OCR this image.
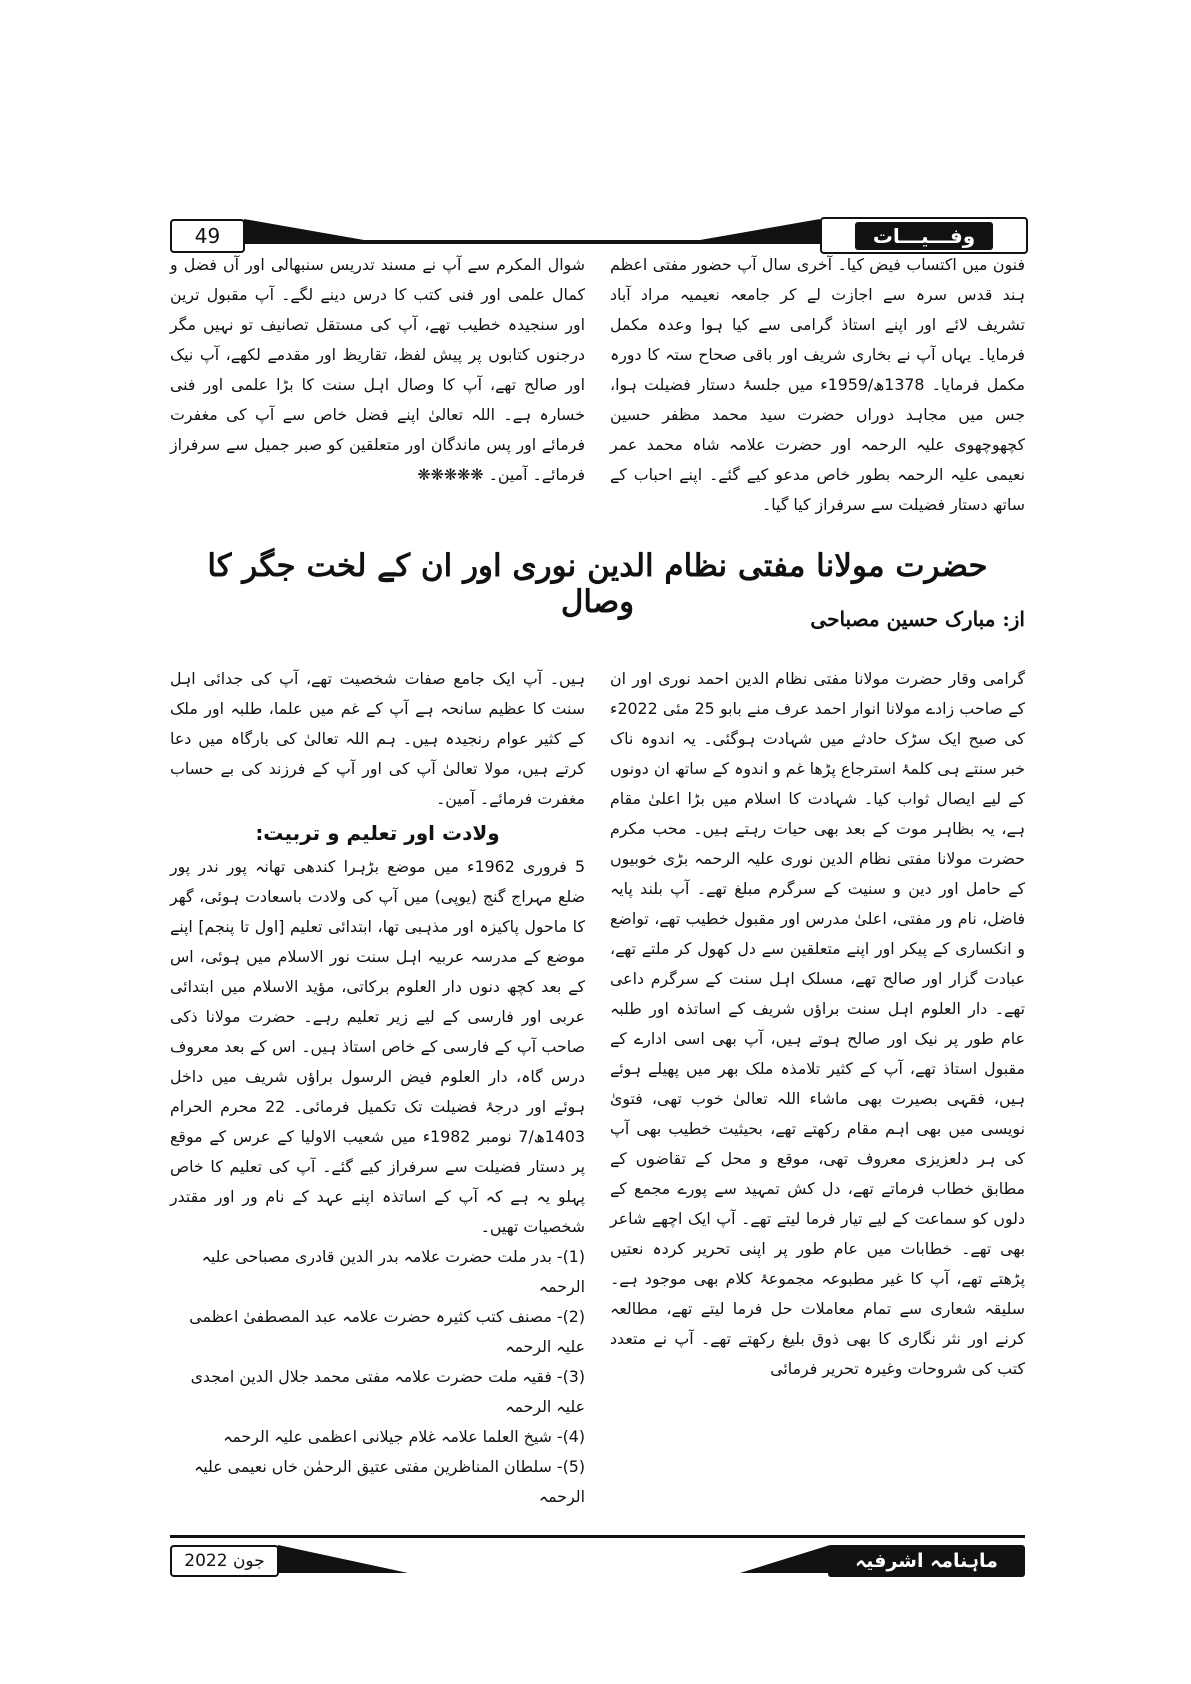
49	وفـــيـــات

فنون میں اکتساب فیض کیا۔ آخری سال آپ حضور مفتی اعظم ہند قدس سرہ سے اجازت لے کر جامعہ نعیمیہ مراد آباد تشریف لائے اور اپنے استاذ گرامی سے کیا ہوا وعدہ مکمل فرمایا۔ یہاں آپ نے بخاری شریف اور باقی صحاح ستہ کا دورہ مکمل فرمایا۔ 1378ھ/1959ء میں جلسۂ دستار فضیلت ہوا، جس میں مجاہد دوراں حضرت سید محمد مظفر حسین کچھوچھوی علیہ الرحمہ اور حضرت علامہ شاہ محمد عمر نعیمی علیہ الرحمہ بطور خاص مدعو کیے گئے۔ اپنے احباب کے ساتھ دستار فضیلت سے سرفراز کیا گیا۔

شوال المکرم سے آپ نے مسند تدریس سنبھالی اور آں فضل و کمال علمی اور فنی کتب کا درس دینے لگے۔ آپ مقبول ترین اور سنجیدہ خطیب تھے، آپ کی مستقل تصانیف تو نہیں مگر درجنوں کتابوں پر پیش لفظ، تقاریظ اور مقدمے لکھے، آپ نیک اور صالح تھے، آپ کا وصال اہل سنت کا بڑا علمی اور فنی خسارہ ہے۔ اللہ تعالیٰ اپنے فضل خاص سے آپ کی مغفرت فرمائے اور پس ماندگان اور متعلقین کو صبر جمیل سے سرفراز فرمائے۔ آمین۔ ❋❋❋❋❋

حضرت مولانا مفتی نظام الدین نوری اور ان کے لخت جگر کا وصال	از: مبارک حسین مصباحی

گرامی وقار حضرت مولانا مفتی نظام الدین احمد نوری اور ان کے صاحب زادے مولانا انوار احمد عرف منے بابو 25 مئی 2022ء کی صبح ایک سڑک حادثے میں شہادت ہوگئی۔ یہ اندوہ ناک خبر سنتے ہی کلمۂ استرجاع پڑھا غم و اندوہ کے ساتھ ان دونوں کے لیے ایصال ثواب کیا۔ شہادت کا اسلام میں بڑا اعلیٰ مقام ہے، یہ بظاہر موت کے بعد بھی حیات رہتے ہیں۔ محب مکرم حضرت مولانا مفتی نظام الدین نوری علیہ الرحمہ بڑی خوبیوں کے حامل اور دین و سنیت کے سرگرم مبلغ تھے۔ آپ بلند پایہ فاضل، نام ور مفتی، اعلیٰ مدرس اور مقبول خطیب تھے، تواضع و انکساری کے پیکر اور اپنے متعلقین سے دل کھول کر ملتے تھے، عبادت گزار اور صالح تھے، مسلک اہل سنت کے سرگرم داعی تھے۔ دار العلوم اہل سنت براؤں شریف کے اساتذہ اور طلبہ عام طور پر نیک اور صالح ہوتے ہیں، آپ بھی اسی ادارے کے مقبول استاذ تھے، آپ کے کثیر تلامذہ ملک بھر میں پھیلے ہوئے ہیں، فقہی بصیرت بھی ماشاء اللہ تعالیٰ خوب تھی، فتویٰ نویسی میں بھی اہم مقام رکھتے تھے، بحیثیت خطیب بھی آپ کی ہر دلعزیزی معروف تھی، موقع و محل کے تقاضوں کے مطابق خطاب فرماتے تھے، دل کش تمہید سے پورے مجمع کے دلوں کو سماعت کے لیے تیار فرما لیتے تھے۔ آپ ایک اچھے شاعر بھی تھے۔ خطابات میں عام طور پر اپنی تحریر کردہ نعتیں پڑھتے تھے، آپ کا غیر مطبوعہ مجموعۂ کلام بھی موجود ہے۔ سلیقہ شعاری سے تمام معاملات حل فرما لیتے تھے، مطالعہ کرنے اور نثر نگاری کا بھی ذوق بلیغ رکھتے تھے۔ آپ نے متعدد کتب کی شروحات وغیرہ تحریر فرمائی

ہیں۔ آپ ایک جامع صفات شخصیت تھے، آپ کی جدائی اہل سنت کا عظیم سانحہ ہے آپ کے غم میں علما، طلبہ اور ملک کے کثیر عوام رنجیدہ ہیں۔ ہم اللہ تعالیٰ کی بارگاہ میں دعا کرتے ہیں، مولا تعالیٰ آپ کی اور آپ کے فرزند کی بے حساب مغفرت فرمائے۔ آمین۔

ولادت اور تعلیم و تربیت:

5 فروری 1962ء میں موضع بڑہرا کندھی تھانہ پور ندر پور ضلع مہراج گنج (یوپی) میں آپ کی ولادت باسعادت ہوئی، گھر کا ماحول پاکیزہ اور مذہبی تھا، ابتدائی تعلیم [اول تا پنجم] اپنے موضع کے مدرسہ عربیہ اہل سنت نور الاسلام میں ہوئی، اس کے بعد کچھ دنوں دار العلوم برکاتی، مؤید الاسلام میں ابتدائی عربی اور فارسی کے لیے زیر تعلیم رہے۔ حضرت مولانا ذکی صاحب آپ کے فارسی کے خاص استاذ ہیں۔ اس کے بعد معروف درس گاہ، دار العلوم فیض الرسول براؤں شریف میں داخل ہوئے اور درجۂ فضیلت تک تکمیل فرمائی۔ 22 محرم الحرام 1403ھ/7 نومبر 1982ء میں شعیب الاولیا کے عرس کے موقع پر دستار فضیلت سے سرفراز کیے گئے۔ آپ کی تعلیم کا خاص پہلو یہ ہے کہ آپ کے اساتذہ اپنے عہد کے نام ور اور مقتدر شخصیات تھیں۔

(1)- بدر ملت حضرت علامہ بدر الدین قادری مصباحی علیہ الرحمہ
(2)- مصنف کتب کثیرہ حضرت علامہ عبد المصطفیٰ اعظمی علیہ الرحمہ
(3)- فقیہ ملت حضرت علامہ مفتی محمد جلال الدین امجدی علیہ الرحمہ
(4)- شیخ العلما علامہ غلام جیلانی اعظمی علیہ الرحمہ
(5)- سلطان المناظرین مفتی عتیق الرحمٰن خاں نعیمی علیہ الرحمہ
جون 2022	ماہنامہ اشرفیہ
